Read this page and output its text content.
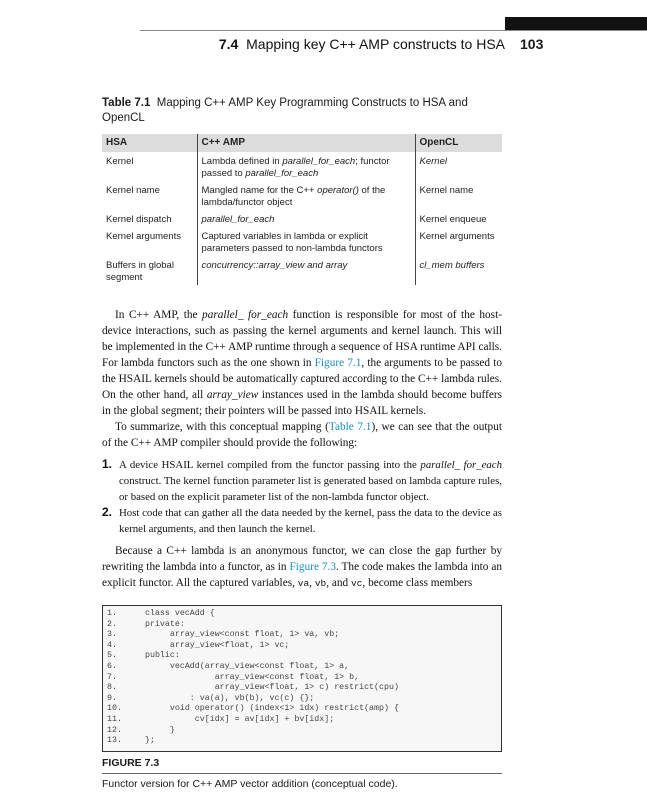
7.4 Mapping key C++ AMP constructs to HSA 103
Table 7.1 Mapping C++ AMP Key Programming Constructs to HSA and OpenCL
HSA	C++ AMP	OpenCL
Kernel	Lambda defined in parallel_for_each; functor passed to parallel_for_each	Kernel
Kernel name	Mangled name for the C++ operator() of the lambda/functor object	Kernel name
Kernel dispatch	parallel_for_each	Kernel enqueue
Kernel arguments	Captured variables in lambda or explicit parameters passed to non-lambda functors	Kernel arguments
Buffers in global segment	concurrency::array_view and array	cl_mem buffers

In C++ AMP, the parallel_ for_each function is responsible for most of the host-device interactions, such as passing the kernel arguments and kernel launch. This will be implemented in the C++ AMP runtime through a sequence of HSA runtime API calls. For lambda functors such as the one shown in Figure 7.1, the arguments to be passed to the HSAIL kernels should be automatically captured according to the C++ lambda rules. On the other hand, all array_view instances used in the lambda should become buffers in the global segment; their pointers will be passed into HSAIL kernels.

To summarize, with this conceptual mapping (Table 7.1), we can see that the output of the C++ AMP compiler should provide the following:

1. A device HSAIL kernel compiled from the functor passing into the parallel_ for_each construct. The kernel function parameter list is generated based on lambda capture rules, or based on the explicit parameter list of the non-lambda functor object.
2. Host code that can gather all the data needed by the kernel, pass the data to the device as kernel arguments, and then launch the kernel.

Because a C++ lambda is an anonymous functor, we can close the gap further by rewriting the lambda into a functor, as in Figure 7.3. The code makes the lambda into an explicit functor. All the captured variables, va, vb, and vc, become class members

1.	class vecAdd {
2.	private:
3.	array_view<const float, 1> va, vb;
4.	array_view<float, 1> vc;
5.	public:
6.	vecAdd(array_view<const float, 1> a,
7.	array_view<const float, 1> b,
8.	array_view<float, 1> c) restrict(cpu)
9.	: va(a), vb(b), vc(c) {};
10.	void operator() (index<1> idx) restrict(amp) {
11.	cv[idx] = av[idx] + bv[idx];
12.	}
13.	};
FIGURE 7.3
Functor version for C++ AMP vector addition (conceptual code).
